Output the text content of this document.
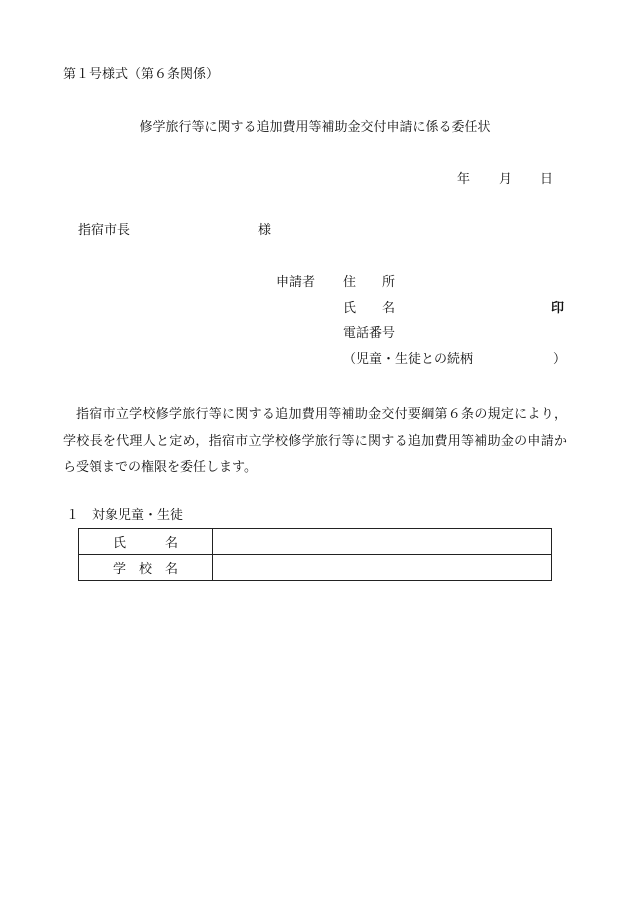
第１号様式（第６条関係）
修学旅行等に関する追加費用等補助金交付申請に係る委任状
年 月 日
指宿市長	様
申請者 住　　所
氏　　名	印
電話番号
（児童・生徒との続柄	）
指宿市立学校修学旅行等に関する追加費用等補助金交付要綱第６条の規定により，学校長を代理人と定め，指宿市立学校修学旅行等に関する追加費用等補助金の申請から受領までの権限を委任します。
１　対象児童・生徒
氏　　　名	
学　校　名	
